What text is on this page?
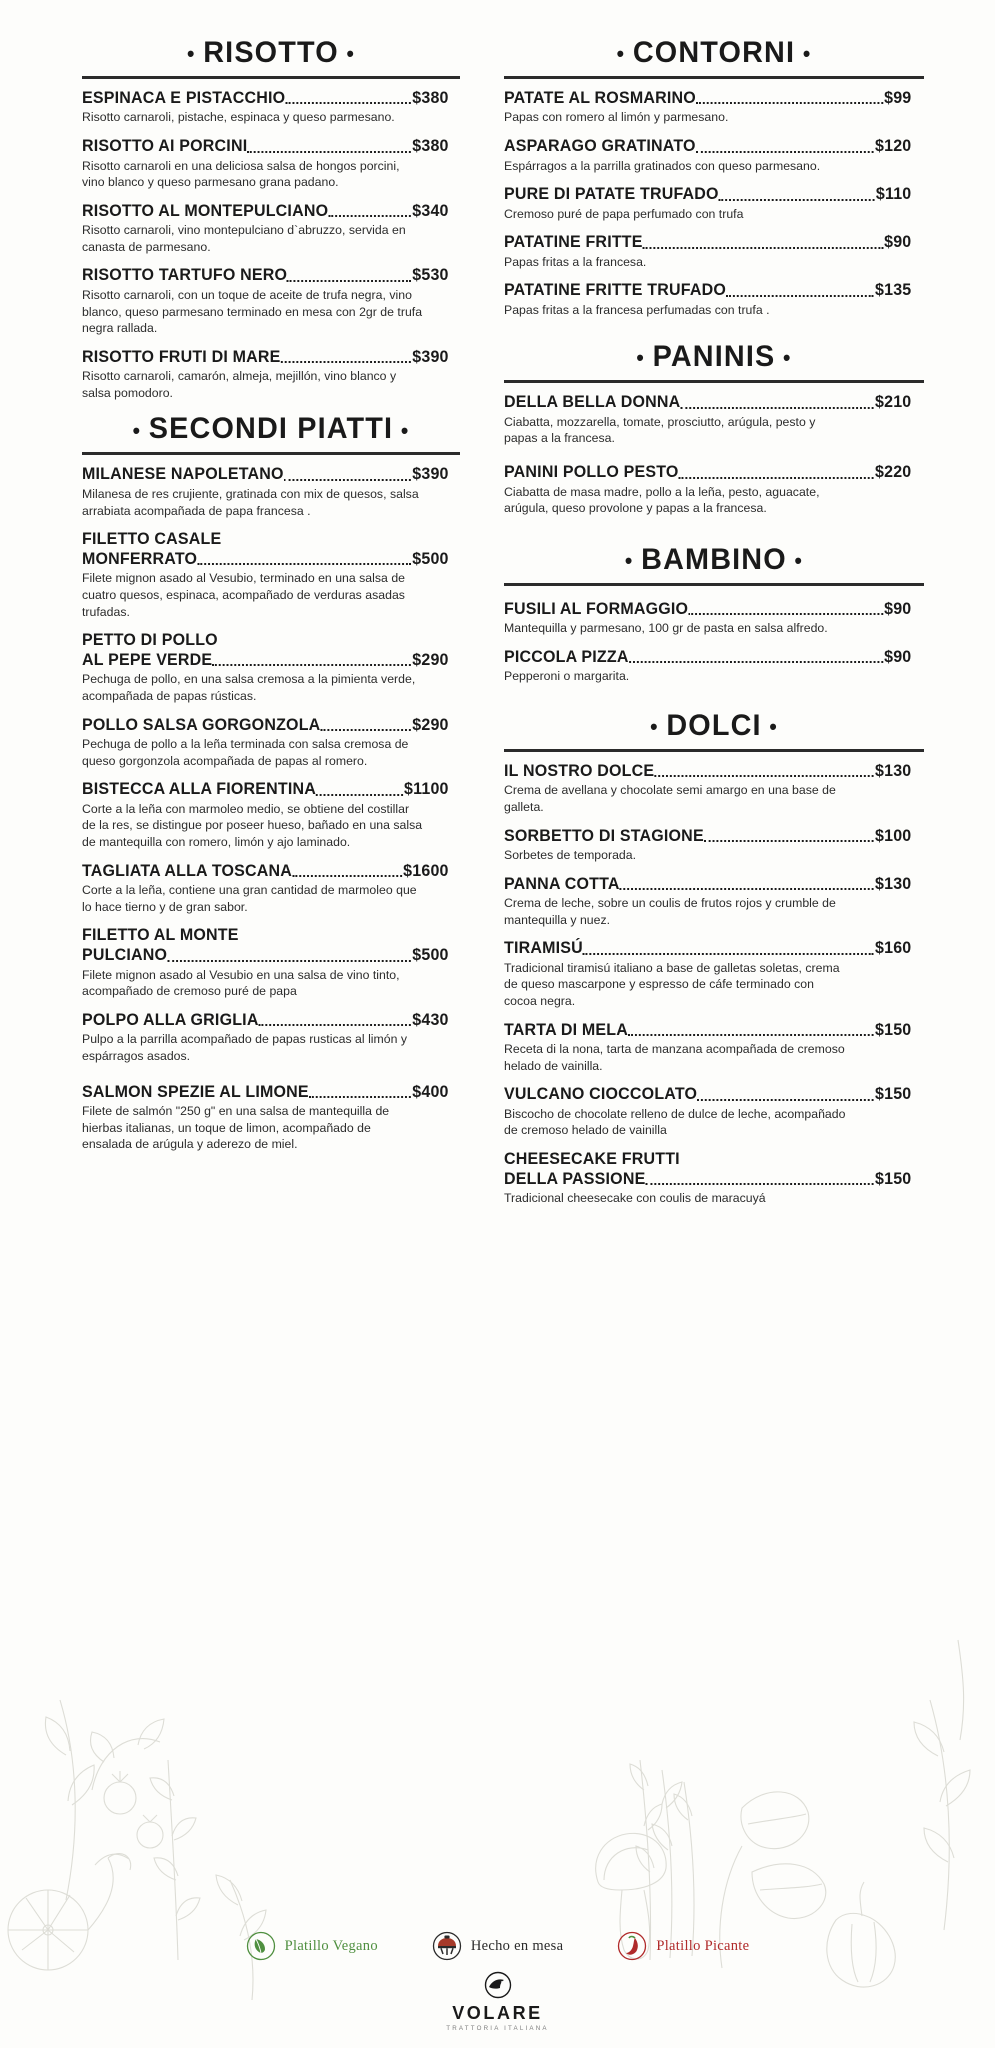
• RISOTTO •
ESPINACA E PISTACCHIO	$380
Risotto carnaroli, pistache, espinaca y queso parmesano.
RISOTTO AI PORCINI	$380
Risotto carnaroli en una deliciosa salsa de hongos porcini, vino blanco y queso parmesano grana padano.
RISOTTO AL MONTEPULCIANO	$340
Risotto carnaroli, vino montepulciano d`abruzzo, servida en canasta de parmesano.
RISOTTO TARTUFO NERO	$530
Risotto carnaroli, con un toque de aceite de trufa negra, vino blanco, queso parmesano terminado en mesa con 2gr de trufa negra rallada.
RISOTTO FRUTI DI MARE	$390
Risotto carnaroli, camarón, almeja, mejillón, vino blanco y salsa pomodoro.
• SECONDI PIATTI •
MILANESE NAPOLETANO	$390
Milanesa de res crujiente, gratinada con mix de quesos, salsa arrabiata acompañada de papa francesa .
FILETTO CASALE
MONFERRATO	$500
Filete mignon asado al Vesubio, terminado en una salsa de cuatro quesos, espinaca, acompañado de verduras asadas trufadas.
PETTO DI POLLO
AL PEPE VERDE	$290
Pechuga de pollo, en una salsa cremosa a la pimienta verde, acompañada de papas rústicas.
POLLO SALSA GORGONZOLA	$290
Pechuga de pollo a la leña terminada con salsa cremosa de queso gorgonzola acompañada de papas al romero.
BISTECCA ALLA FIORENTINA	$1100
Corte a la leña con marmoleo medio, se obtiene del costillar de la res, se distingue por poseer hueso, bañado en una salsa de mantequilla con romero, limón y ajo laminado.
TAGLIATA ALLA TOSCANA	$1600
Corte a la leña, contiene una gran cantidad de marmoleo que lo hace tierno y de gran sabor.
FILETTO AL MONTE
PULCIANO	$500
Filete mignon asado al Vesubio en una salsa de vino tinto, acompañado de cremoso puré de papa
POLPO ALLA GRIGLIA	$430
Pulpo a la parrilla acompañado de papas rusticas al limón y espárragos asados.
SALMON SPEZIE AL LIMONE	$400
Filete de salmón "250 g" en una salsa de mantequilla de hierbas italianas, un toque de limon, acompañado de ensalada de arúgula y aderezo de miel.
• CONTORNI •
PATATE AL ROSMARINO	$99
Papas con romero al limón y parmesano.
ASPARAGO GRATINATO	$120
Espárragos a la parrilla gratinados con queso parmesano.
PURE DI PATATE TRUFADO	$110
Cremoso puré de papa perfumado con trufa
PATATINE FRITTE	$90
Papas fritas a la francesa.
PATATINE FRITTE TRUFADO	$135
Papas fritas a la francesa perfumadas con trufa .
• PANINIS •
DELLA BELLA DONNA	$210
Ciabatta, mozzarella, tomate, prosciutto, arúgula, pesto y papas a la francesa.
PANINI POLLO PESTO	$220
Ciabatta de masa madre, pollo a la leña, pesto, aguacate, arúgula, queso provolone y papas a la francesa.
• BAMBINO •
FUSILI AL FORMAGGIO	$90
Mantequilla y parmesano, 100 gr de pasta en salsa alfredo.
PICCOLA PIZZA	$90
Pepperoni o margarita.
• DOLCI •
IL NOSTRO DOLCE	$130
Crema de avellana y chocolate semi amargo en una base de galleta.
SORBETTO DI STAGIONE	$100
Sorbetes de temporada.
PANNA COTTA	$130
Crema de leche, sobre un coulis de frutos rojos y crumble de mantequilla y nuez.
TIRAMISÚ	$160
Tradicional tiramisú italiano a base de galletas soletas, crema de queso mascarpone y espresso de cáfe terminado con cocoa negra.
TARTA DI MELA	$150
Receta di la nona, tarta de manzana acompañada de cremoso helado de vainilla.
VULCANO CIOCCOLATO	$150
Biscocho de chocolate relleno de dulce de leche, acompañado de cremoso helado de vainilla
CHEESECAKE FRUTTI
DELLA PASSIONE	$150
Tradicional cheesecake con coulis de maracuyá
Platillo Vegano	Hecho en mesa	Platillo Picante
VOLARE
TRATTORIA ITALIANA
